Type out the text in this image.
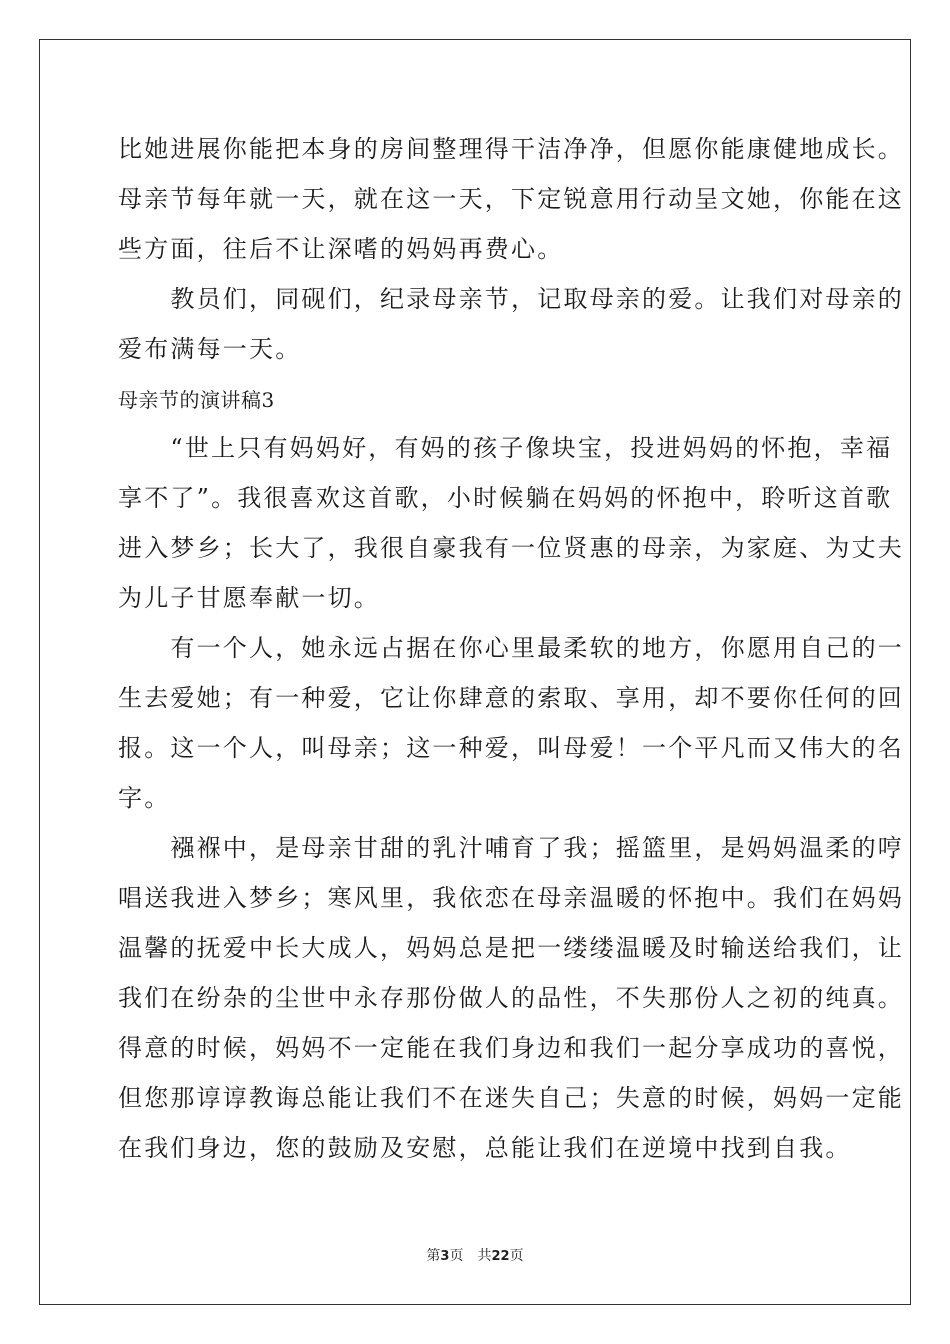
比她进展你能把本身的房间整理得干洁净净，但愿你能康健地成长。
母亲节每年就一天，就在这一天，下定锐意用行动呈文她，你能在这
些方面，往后不让深嗜的妈妈再费心。
　　教员们，同砚们，纪录母亲节，记取母亲的爱。让我们对母亲的
爱布满每一天。
母亲节的演讲稿3
　　“世上只有妈妈好，有妈的孩子像块宝，投进妈妈的怀抱，幸福
享不了”。我很喜欢这首歌，小时候躺在妈妈的怀抱中，聆听这首歌
进入梦乡；长大了，我很自豪我有一位贤惠的母亲，为家庭、为丈夫
为儿子甘愿奉献一切。
　　有一个人，她永远占据在你心里最柔软的地方，你愿用自己的一
生去爱她；有一种爱，它让你肆意的索取、享用，却不要你任何的回
报。这一个人，叫母亲；这一种爱，叫母爱！一个平凡而又伟大的名
字。
　　襁褓中，是母亲甘甜的乳汁哺育了我；摇篮里，是妈妈温柔的哼
唱送我进入梦乡；寒风里，我依恋在母亲温暖的怀抱中。我们在妈妈
温馨的抚爱中长大成人，妈妈总是把一缕缕温暖及时输送给我们，让
我们在纷杂的尘世中永存那份做人的品性，不失那份人之初的纯真。
得意的时候，妈妈不一定能在我们身边和我们一起分享成功的喜悦，
但您那谆谆教诲总能让我们不在迷失自己；失意的时候，妈妈一定能
在我们身边，您的鼓励及安慰，总能让我们在逆境中找到自我。
第3页 共22页
